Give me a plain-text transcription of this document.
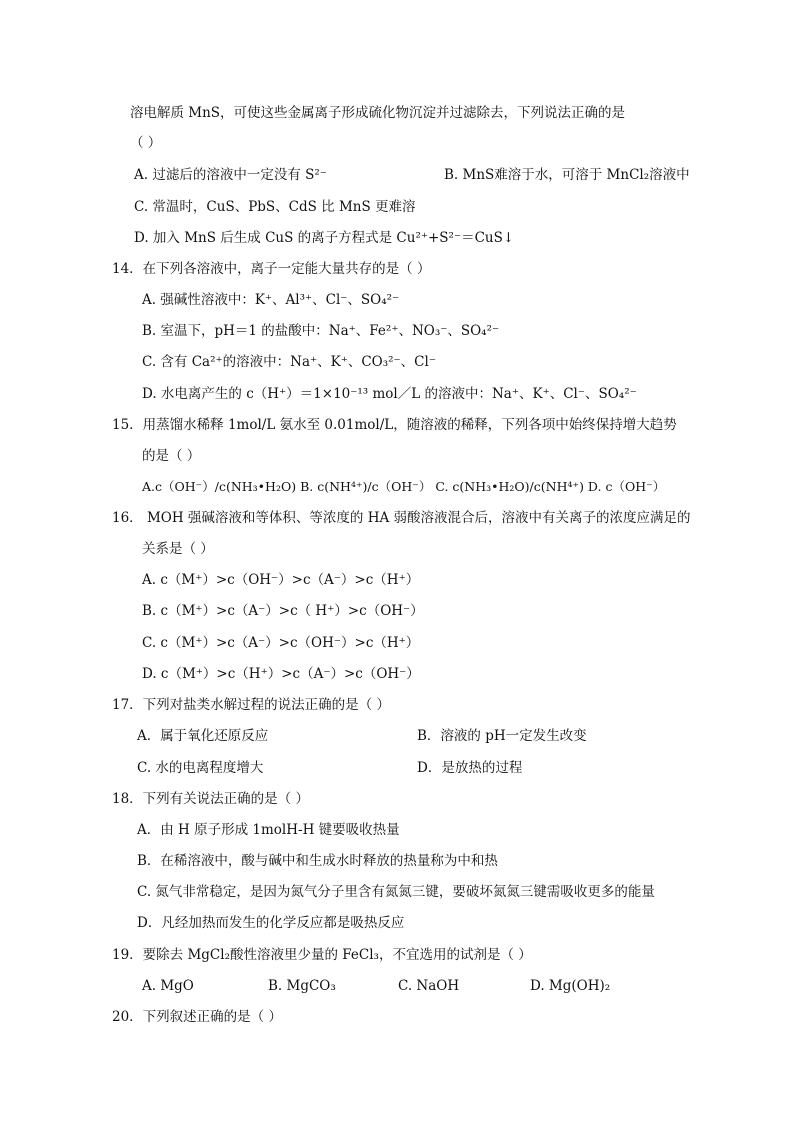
溶电解质 MnS，可使这些金属离子形成硫化物沉淀并过滤除去，下列说法正确的是
（ ）
A. 过滤后的溶液中一定没有 S²⁻	B. MnS难溶于水，可溶于 MnCl₂溶液中
C. 常温时，CuS、PbS、CdS 比 MnS 更难溶
D. 加入 MnS 后生成 CuS 的离子方程式是 Cu²⁺+S²⁻＝CuS↓
14．在下列各溶液中，离子一定能大量共存的是（ ）
A. 强碱性溶液中：K⁺、Al³⁺、Cl⁻、SO₄²⁻
B. 室温下，pH＝1 的盐酸中：Na⁺、Fe²⁺、NO₃⁻、SO₄²⁻
C. 含有 Ca²⁺的溶液中：Na⁺、K⁺、CO₃²⁻、Cl⁻
D. 水电离产生的 c（H⁺）＝1×10⁻¹³ mol／L 的溶液中：Na⁺、K⁺、Cl⁻、SO₄²⁻
15．用蒸馏水稀释 1mol/L 氨水至 0.01mol/L，随溶液的稀释，下列各项中始终保持增大趋势
的是（ ）
A.c（OH⁻）/c(NH₃•H₂O) B. c(NH⁴⁺)/c（OH⁻） C. c(NH₃•H₂O)/c(NH⁴⁺) D. c（OH⁻）
16． MOH 强碱溶液和等体积、等浓度的 HA 弱酸溶液混合后，溶液中有关离子的浓度应满足的
关系是（ ）
A. c（M⁺）>c（OH⁻）>c（A⁻）>c（H⁺）
B. c（M⁺）>c（A⁻）>c（ H⁺）>c（OH⁻）
C. c（M⁺）>c（A⁻）>c（OH⁻）>c（H⁺）
D. c（M⁺）>c（H⁺）>c（A⁻）>c（OH⁻）
17．下列对盐类水解过程的说法正确的是（ ）
A．属于氧化还原反应	B．溶液的 pH一定发生改变
C. 水的电离程度增大	D．是放热的过程
18．下列有关说法正确的是（ ）
A．由 H 原子形成 1molH-H 键要吸收热量
B．在稀溶液中，酸与碱中和生成水时释放的热量称为中和热
C. 氮气非常稳定，是因为氮气分子里含有氮氮三键，要破坏氮氮三键需吸收更多的能量
D．凡经加热而发生的化学反应都是吸热反应
19．要除去 MgCl₂酸性溶液里少量的 FeCl₃，不宜选用的试剂是（ ）
A. MgO	B. MgCO₃	C. NaOH	D. Mg(OH)₂
20．下列叙述正确的是（ ）
